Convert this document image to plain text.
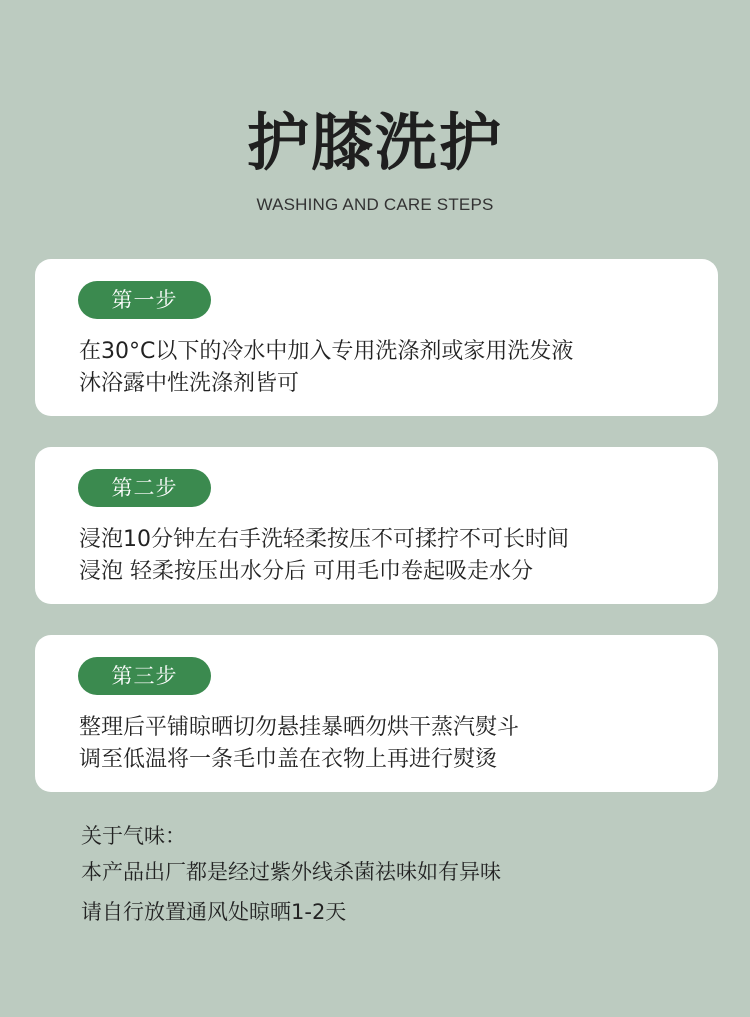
护膝洗护
WASHING AND CARE STEPS
第一步
在30°C以下的冷水中加入专用洗涤剂或家用洗发液
沐浴露中性洗涤剂皆可
第二步
浸泡10分钟左右手洗轻柔按压不可揉拧不可长时间
浸泡 轻柔按压出水分后 可用毛巾卷起吸走水分
第三步
整理后平铺晾晒切勿悬挂暴晒勿烘干蒸汽熨斗
调至低温将一条毛巾盖在衣物上再进行熨烫
关于气味：
本产品出厂都是经过紫外线杀菌祛味如有异味
请自行放置通风处晾晒1-2天
